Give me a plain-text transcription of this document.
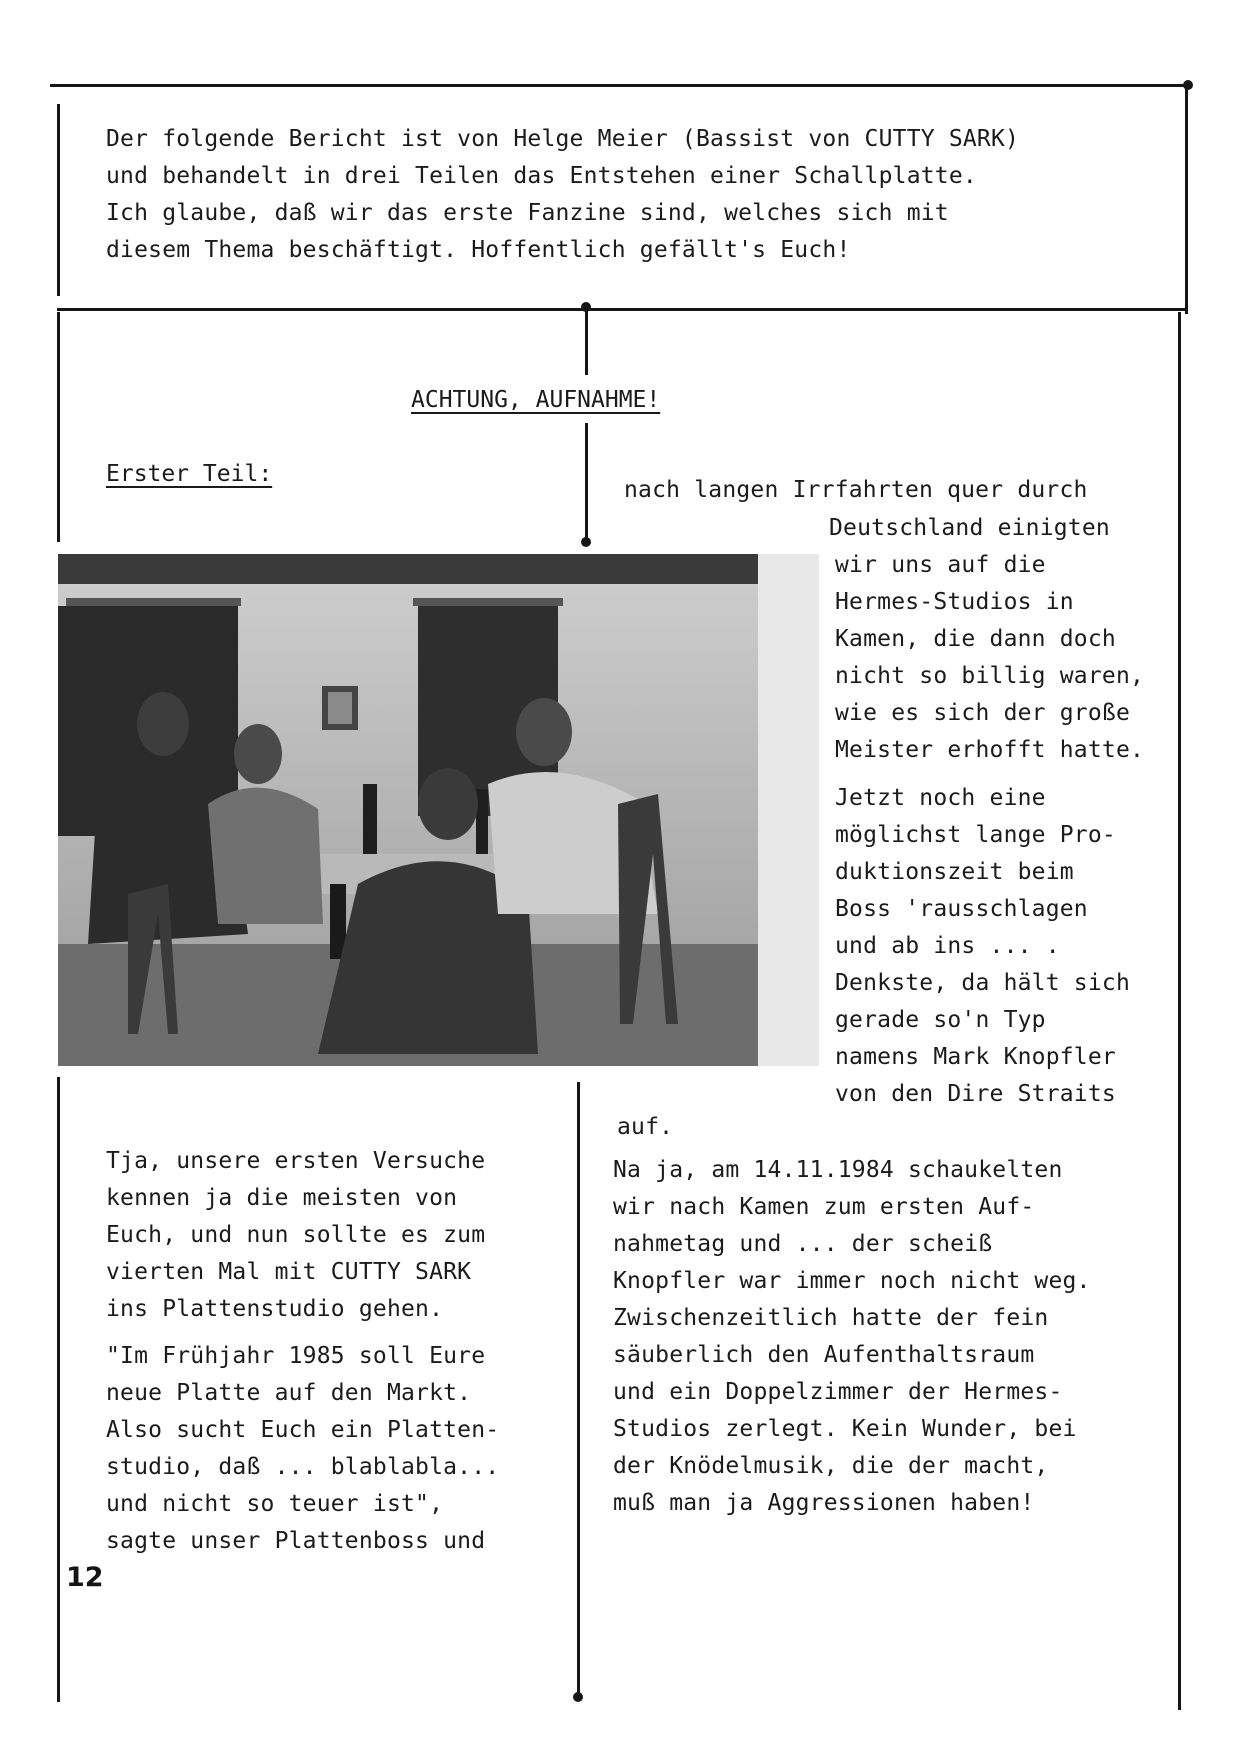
Der folgende Bericht ist von Helge Meier (Bassist von CUTTY SARK)
und behandelt in drei Teilen das Entstehen einer Schallplatte.
Ich glaube, daß wir das erste Fanzine sind, welches sich mit
diesem Thema beschäftigt. Hoffentlich gefällt's Euch!
ACHTUNG, AUFNAHME!
Erster Teil:
nach langen Irrfahrten quer durch
Deutschland einigten
wir uns auf die
Hermes-Studios in
Kamen, die dann doch
nicht so billig waren,
wie es sich der große
Meister erhofft hatte.
Jetzt noch eine
möglichst lange Pro-
duktionszeit beim
Boss 'rausschlagen
und ab ins ... .
Denkste, da hält sich
gerade so'n Typ
namens Mark Knopfler
von den Dire Straits
auf.
Na ja, am 14.11.1984 schaukelten
wir nach Kamen zum ersten Auf-
nahmetag und ... der scheiß
Knopfler war immer noch nicht weg.
Zwischenzeitlich hatte der fein
säuberlich den Aufenthaltsraum
und ein Doppelzimmer der Hermes-
Studios zerlegt. Kein Wunder, bei
der Knödelmusik, die der macht,
muß man ja Aggressionen haben!
Tja, unsere ersten Versuche
kennen ja die meisten von
Euch, und nun sollte es zum
vierten Mal mit CUTTY SARK
ins Plattenstudio gehen.
"Im Frühjahr 1985 soll Eure
neue Platte auf den Markt.
Also sucht Euch ein Platten-
studio, daß ... blablabla...
und nicht so teuer ist",
sagte unser Plattenboss und
12
